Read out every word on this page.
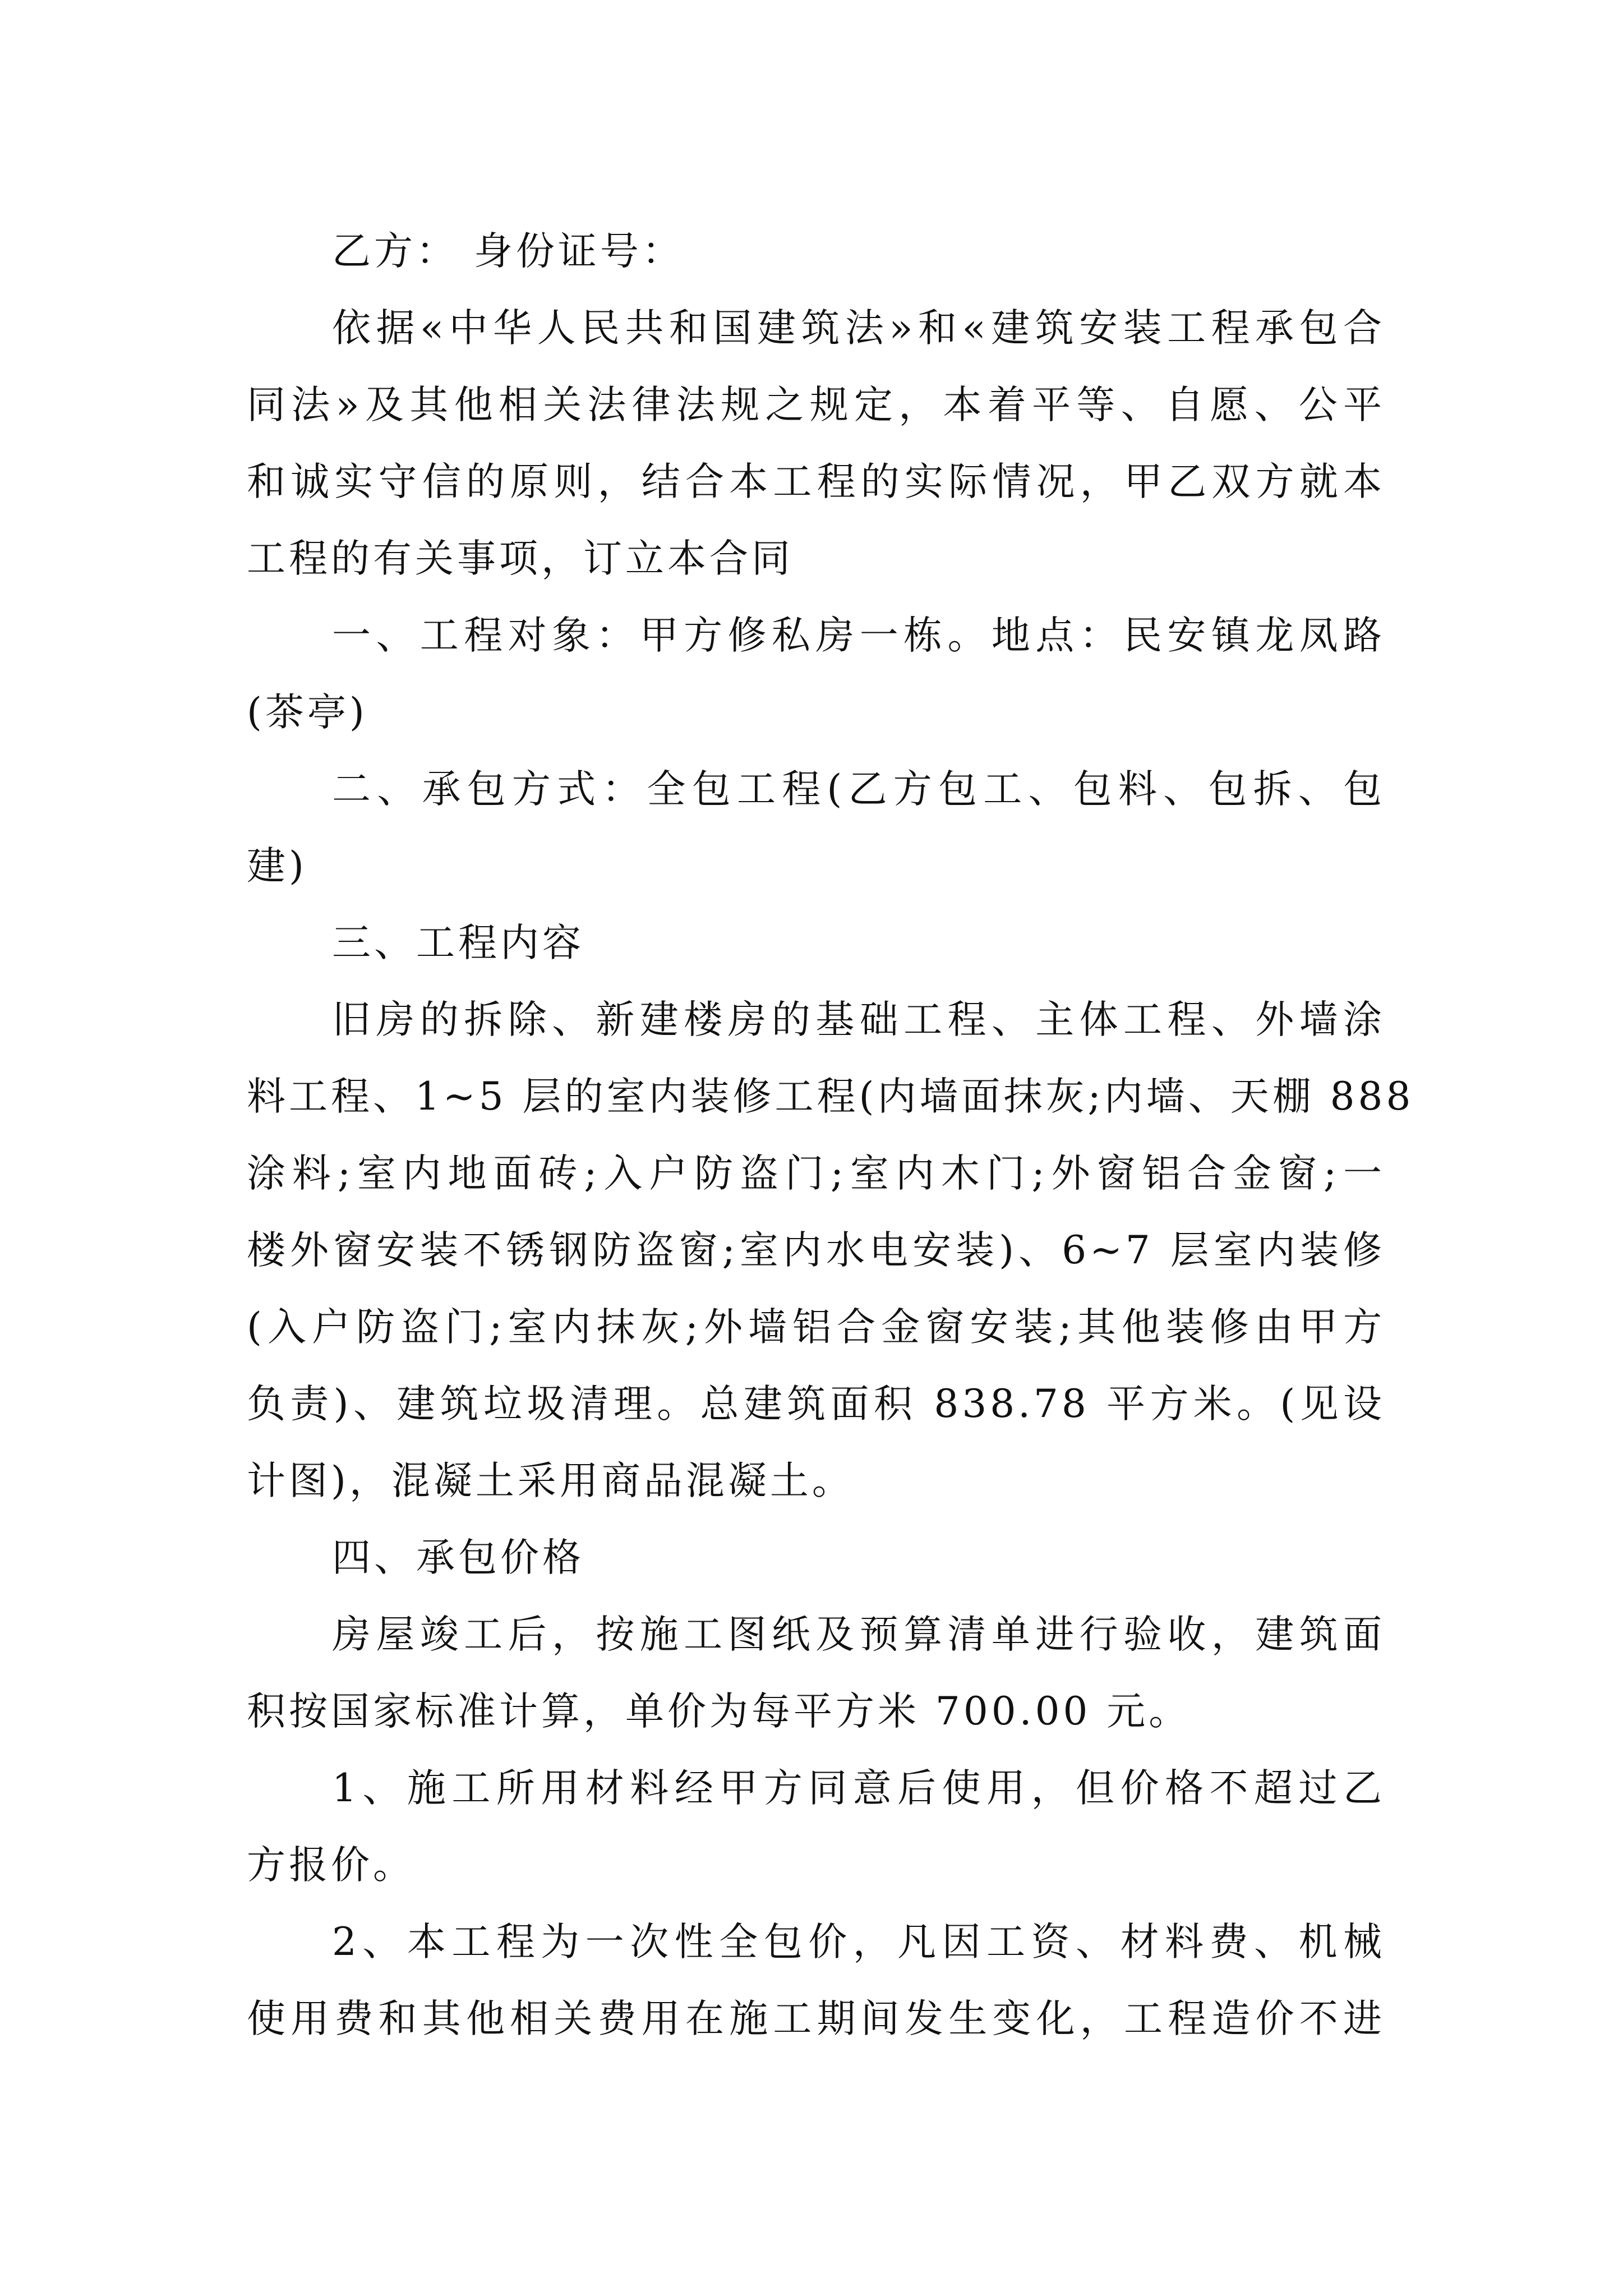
乙方： 身份证号：
依据«中华人民共和国建筑法»和«建筑安装工程承包合
同法»及其他相关法律法规之规定，本着平等、自愿、公平
和诚实守信的原则，结合本工程的实际情况，甲乙双方就本
工程的有关事项，订立本合同
一、工程对象：甲方修私房一栋。地点：民安镇龙凤路
(茶亭)
二、承包方式：全包工程(乙方包工、包料、包拆、包
建)
三、工程内容
旧房的拆除、新建楼房的基础工程、主体工程、外墙涂
料工程、1~5 层的室内装修工程(内墙面抹灰;内墙、天棚 888
涂料;室内地面砖;入户防盗门;室内木门;外窗铝合金窗;一
楼外窗安装不锈钢防盗窗;室内水电安装)、6~7 层室内装修
(入户防盗门;室内抹灰;外墙铝合金窗安装;其他装修由甲方
负责)、建筑垃圾清理。总建筑面积 838.78 平方米。(见设
计图)，混凝土采用商品混凝土。
四、承包价格
房屋竣工后，按施工图纸及预算清单进行验收，建筑面
积按国家标准计算，单价为每平方米 700.00 元。
1、施工所用材料经甲方同意后使用，但价格不超过乙
方报价。
2、本工程为一次性全包价，凡因工资、材料费、机械
使用费和其他相关费用在施工期间发生变化，工程造价不进
